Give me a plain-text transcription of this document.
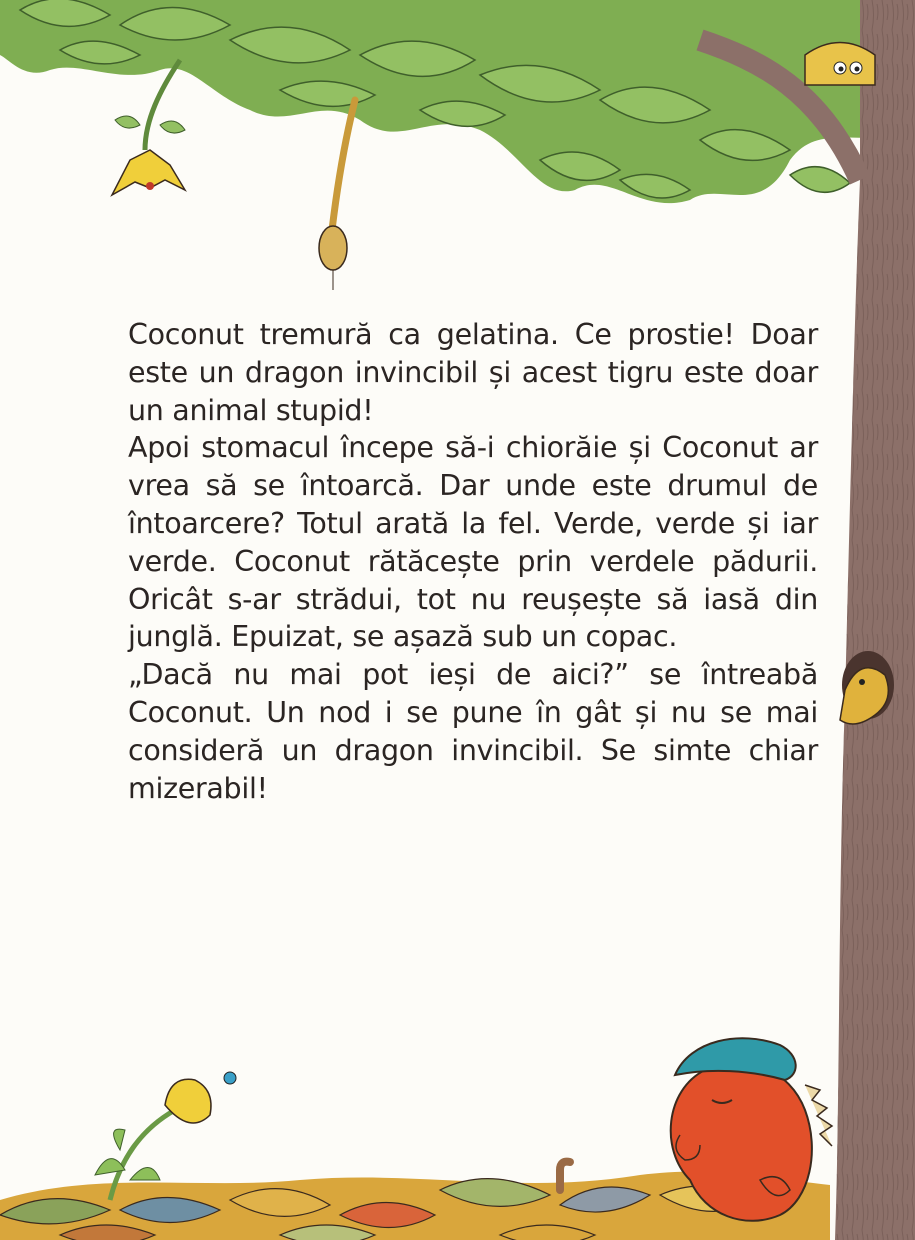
Coconut tremură ca gelatina. Ce prostie! Doar
este un dragon invincibil și acest tigru este doar
un animal stupid!

Apoi stomacul începe să-i chiorăie și Coconut ar
vrea să se întoarcă. Dar unde este drumul de
întoarcere? Totul arată la fel. Verde, verde și iar
verde. Coconut rătăcește prin verdele pădurii.
Oricât s-ar strădui, tot nu reușește să iasă din
junglă. Epuizat, se așază sub un copac.

„Dacă nu mai pot ieși de aici?” se întreabă
Coconut. Un nod i se pune în gât și nu se mai
consideră un dragon invincibil. Se simte chiar
mizerabil!
